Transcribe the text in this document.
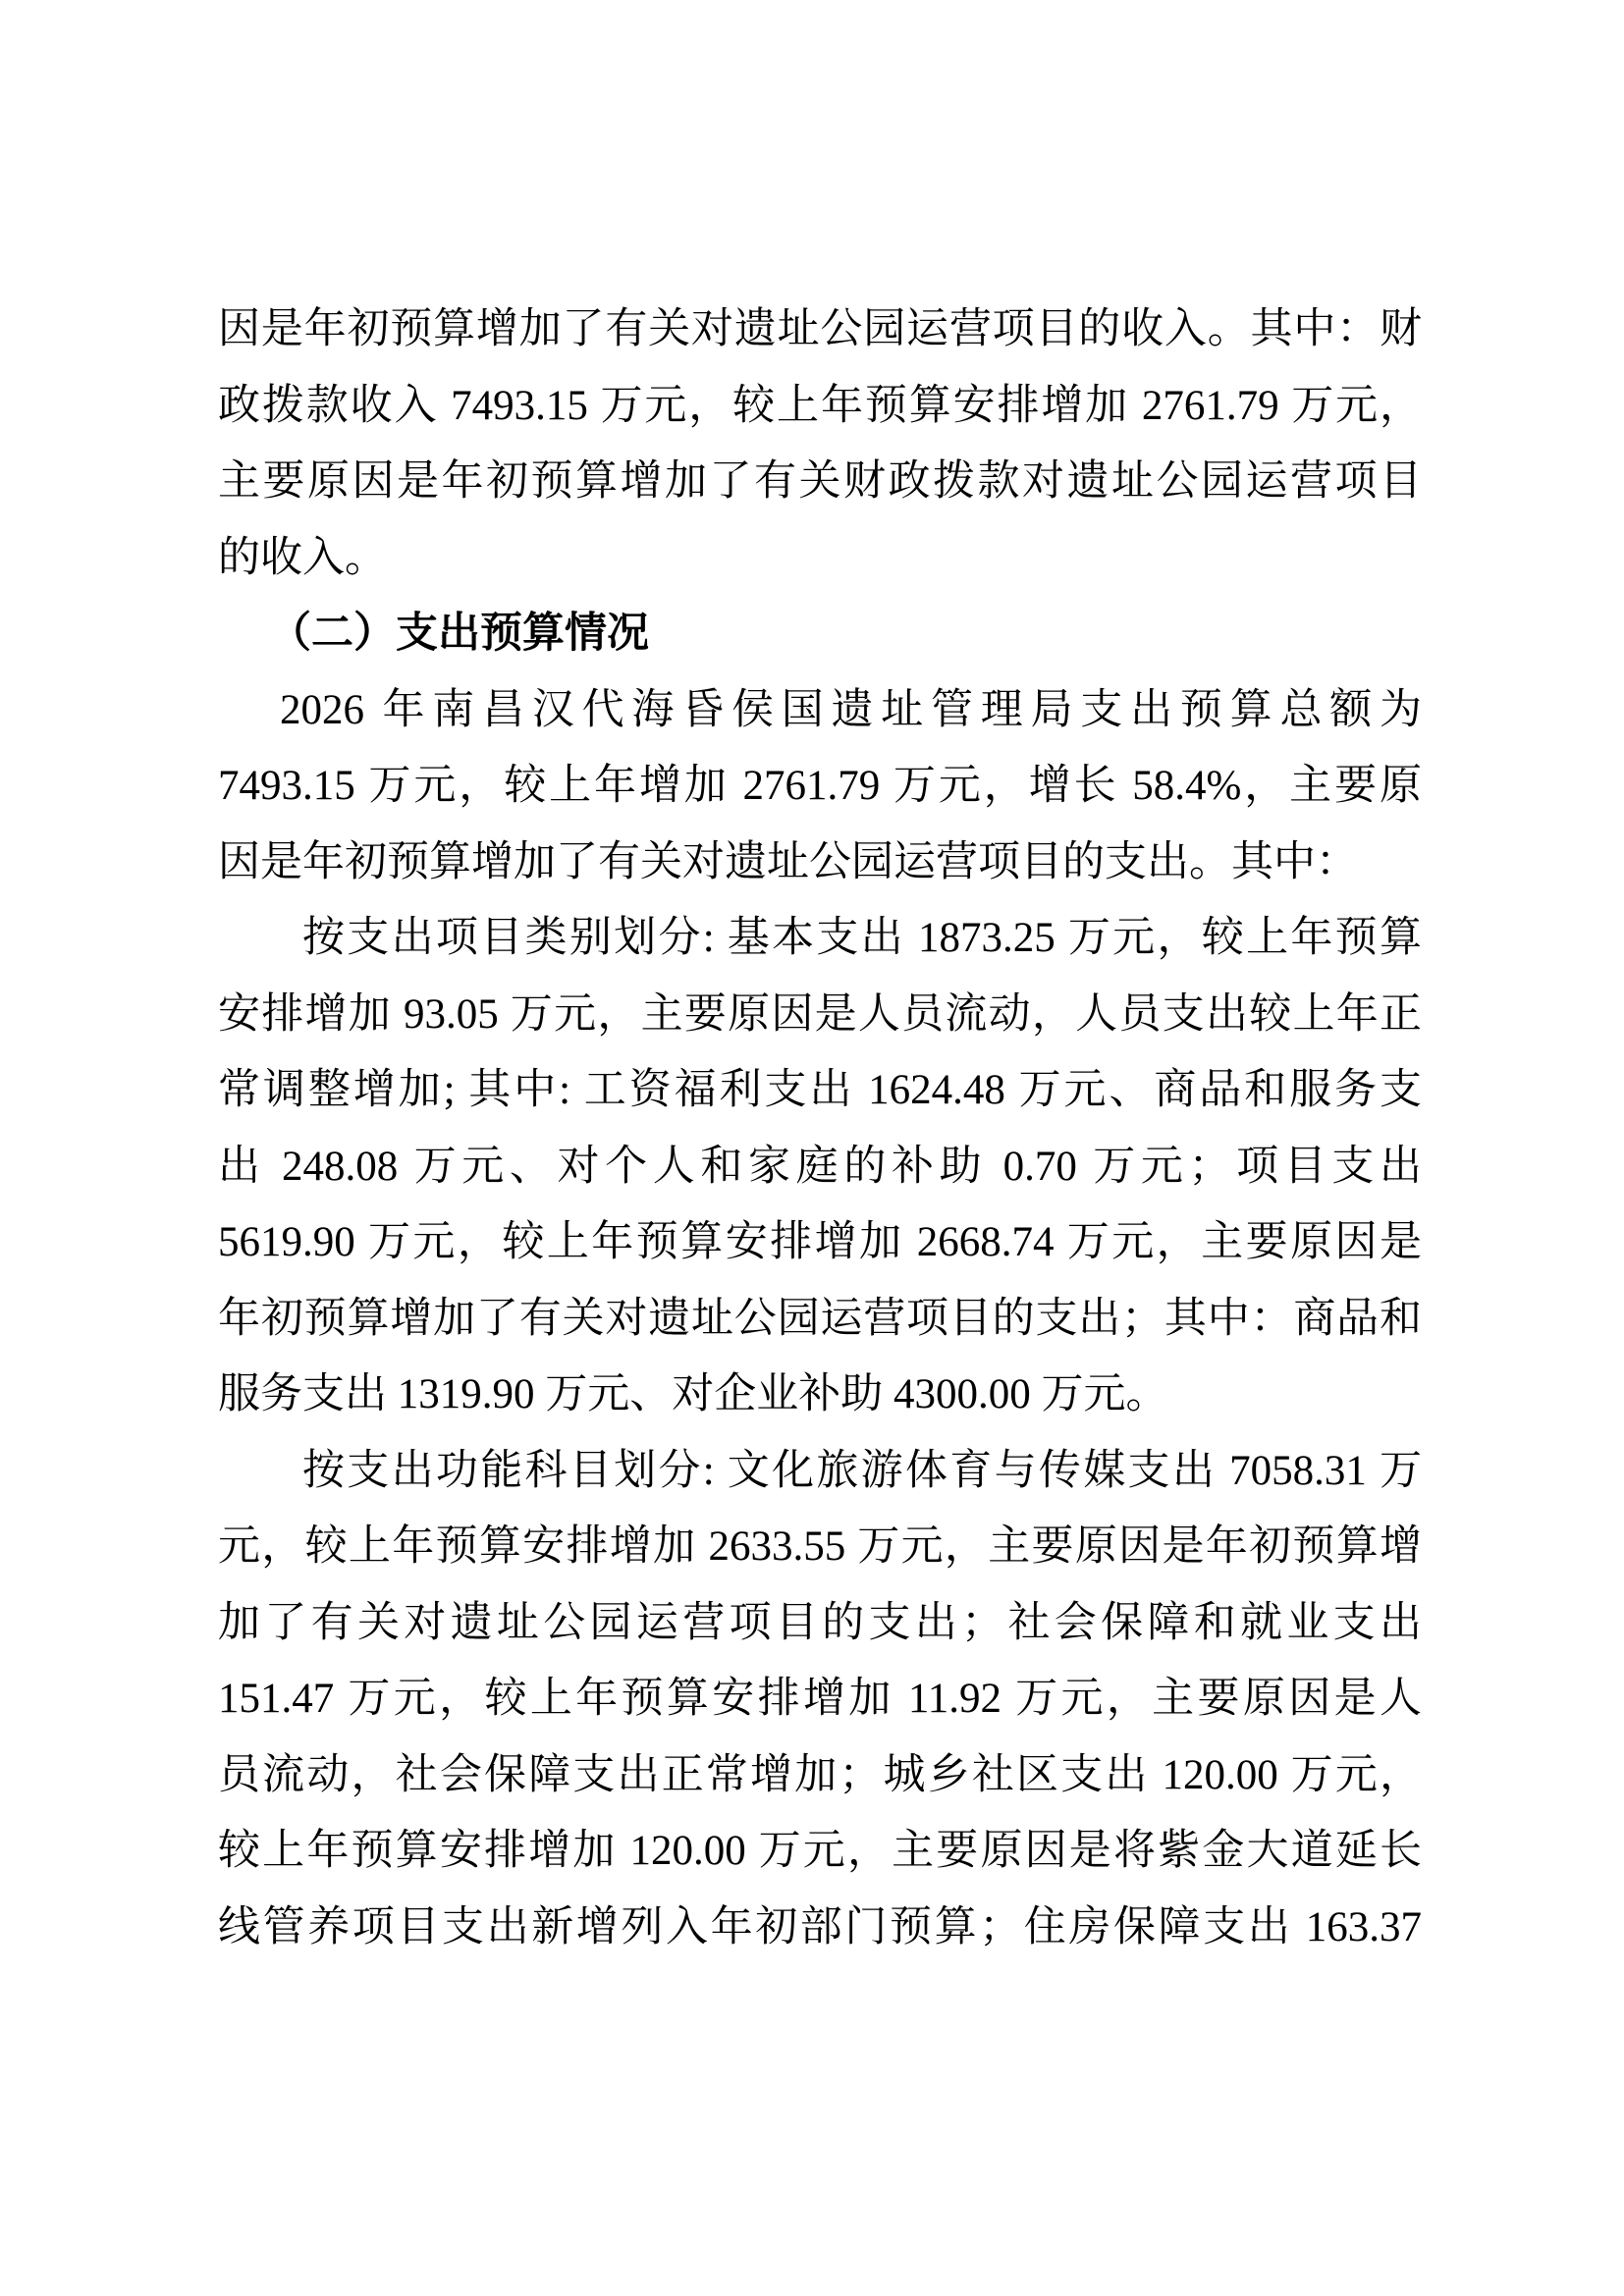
因是年初预算增加了有关对遗址公园运营项目的收入。其中：财
政拨款收入 7493.15 万元，较上年预算安排增加 2761.79 万元，
主要原因是年初预算增加了有关财政拨款对遗址公园运营项目
的收入。
（二）支出预算情况
2026 年南昌汉代海昏侯国遗址管理局支出预算总额为
7493.15 万元，较上年增加 2761.79 万元，增长 58.4%，主要原
因是年初预算增加了有关对遗址公园运营项目的支出。其中：
按支出项目类别划分: 基本支出 1873.25 万元，较上年预算
安排增加 93.05 万元，主要原因是人员流动，人员支出较上年正
常调整增加; 其中: 工资福利支出 1624.48 万元、商品和服务支
出 248.08 万元、对个人和家庭的补助 0.70 万元；项目支出
5619.90 万元，较上年预算安排增加 2668.74 万元，主要原因是
年初预算增加了有关对遗址公园运营项目的支出；其中：商品和
服务支出 1319.90 万元、对企业补助 4300.00 万元。
按支出功能科目划分: 文化旅游体育与传媒支出 7058.31 万
元，较上年预算安排增加 2633.55 万元，主要原因是年初预算增
加了有关对遗址公园运营项目的支出；社会保障和就业支出
151.47 万元，较上年预算安排增加 11.92 万元，主要原因是人
员流动，社会保障支出正常增加；城乡社区支出 120.00 万元，
较上年预算安排增加 120.00 万元，主要原因是将紫金大道延长
线管养项目支出新增列入年初部门预算；住房保障支出 163.37
